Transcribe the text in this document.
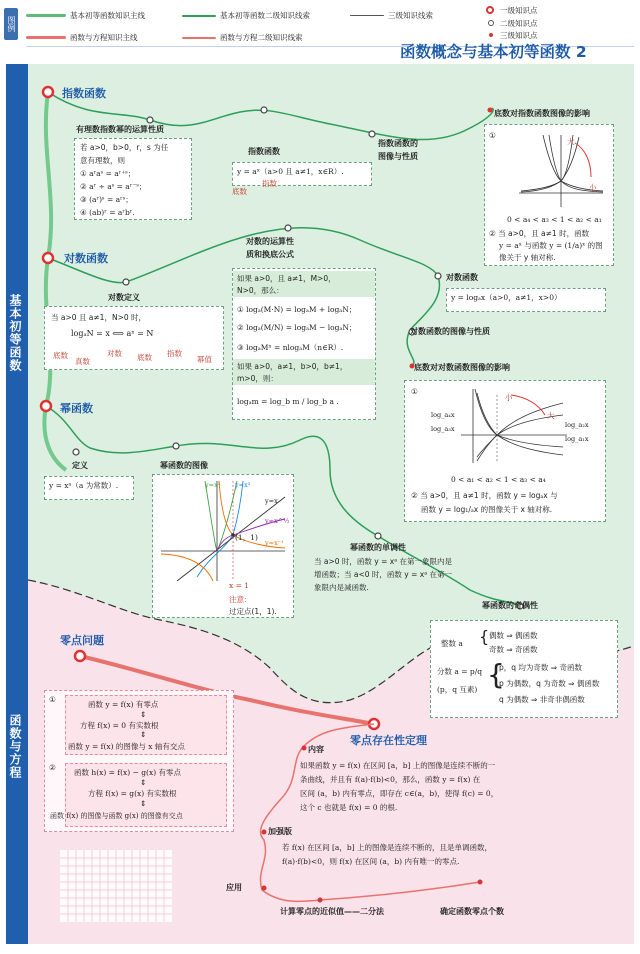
图例
基本初等函数知识主线	基本初等函数二级知识线索	三级知识线索
函数与方程知识主线	函数与方程二级知识线索
一级知识点
二级知识点
三级知识点
函数概念与基本初等函数 2
基本初等函数
函数与方程
指数函数
有理数指数幂的运算性质
若 a>0，b>0，r，s 为任
意有理数，则
① aʳaˢ = aʳ⁺ˢ；
② aʳ ÷ aˢ = aʳ⁻ˢ；
③ (aʳ)ˢ = aʳˢ；
④ (ab)ʳ = aʳbʳ.
指数函数
y = aˣ（a>0 且 a≠1，x∈R）.
底数
指数
指数函数的
图像与性质
底数对指数函数图像的影响
①
大
小
0 < a₄ < a₃ < 1 < a₂ < a₁
② 当 a>0，且 a≠1 时，函数
y = aˣ 与函数 y = (1/a)ˣ 的图
像关于 y 轴对称.
对数函数
对数的运算性
质和换底公式
对数定义
当 a>0 且 a≠1，N>0 时，
logₐN = x ⟺ aˣ = N
底数
真数
对数 底数 指数
幂值
如果 a>0，且 a≠1，M>0，
N>0，那么：
① logₐ(M·N) = logₐM + logₐN；
② logₐ(M/N) = logₐM − logₐN；
③ logₐMⁿ = nlogₐM（n∈R）.
如果 a>0，a≠1，b>0，b≠1，
m>0，则：
logₐm = log_b m / log_b a .
对数函数
y = logₐx（a>0，a≠1，x>0）
对数函数的图像与性质
底数对对数函数图像的影响
①
小
大
log_a₄x
log_a₃x	log_a₂x
log_a₁x
0 < a₁ < a₂ < 1 < a₃ < a₄
② 当 a>0，且 a≠1 时，函数 y = logₐx 与
函数 y = log₁/ₐx 的图像关于 x 轴对称.
幂函数
定义
y = xᵃ（a 为常数）.
幂函数的图像
y=x³
y=x²
y=x
y=x^½
y=x⁻¹
(1，1)
x = 1
注意：
过定点(1，1).
幂函数的单调性
当 a>0 时，函数 y = xᵃ 在第一象限内是
增函数；当 a<0 时，函数 y = xᵃ 在第一
象限内是减函数.
幂函数的奇偶性
整数 a { 偶数 ⇒ 偶函数
奇数 ⇒ 奇函数
分数 a = p/q
(p，q 互素) {
p，q 均为奇数 ⇒ 奇函数
p 为偶数，q 为奇数 ⇒ 偶函数
q 为偶数 ⇒ 非奇非偶函数
零点问题
①
函数 y = f(x) 有零点
⇕
方程 f(x) = 0 有实数根
⇕
函数 y = f(x) 的图像与 x 轴有交点
②
函数 h(x) = f(x) − g(x) 有零点
⇕
方程 f(x) = g(x) 有实数根
⇕
函数 f(x) 的图像与函数 g(x) 的图像有交点
零点存在性定理
内容
如果函数 y = f(x) 在区间 [a，b] 上的图像是连续不断的一
条曲线，并且有 f(a)·f(b)<0，那么，函数 y = f(x) 在
区间 (a，b) 内有零点，即存在 c∈(a，b)，使得 f(c) = 0，
这个 c 也就是 f(x) = 0 的根.
加强版
若 f(x) 在区间 [a，b] 上的图像是连续不断的，且是单调函数，
f(a)·f(b)<0，则 f(x) 在区间 (a，b) 内有唯一的零点.
应用
计算零点的近似值——二分法	确定函数零点个数
